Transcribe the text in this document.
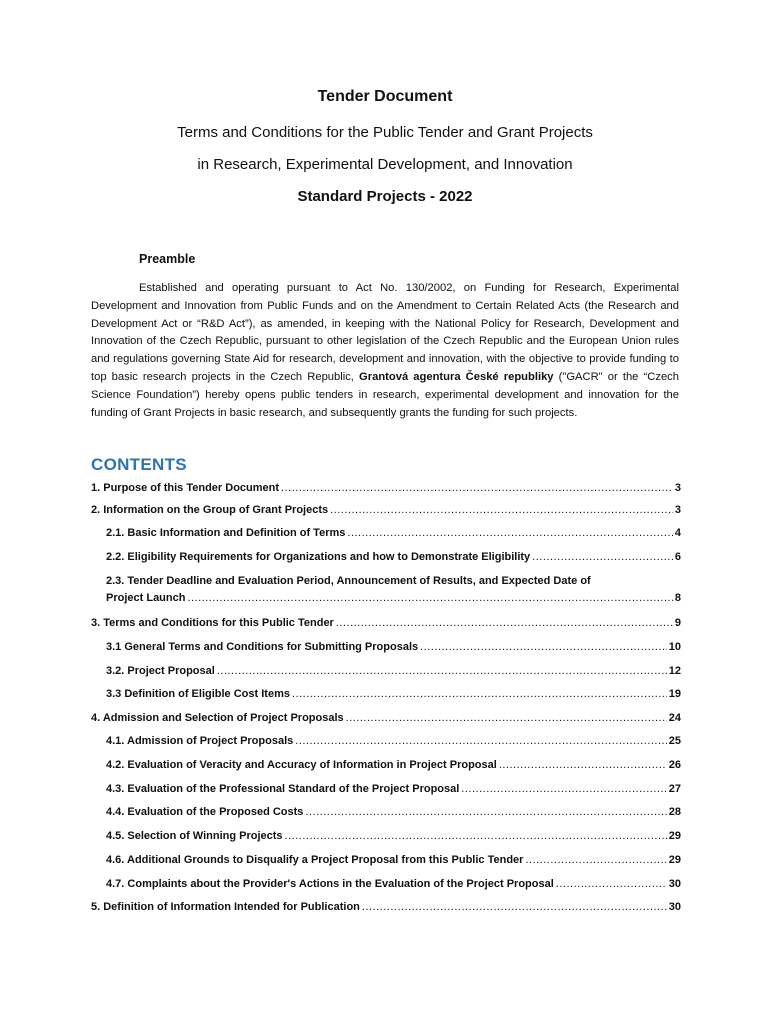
Tender Document
Terms and Conditions for the Public Tender and Grant Projects
in Research, Experimental Development, and Innovation
Standard Projects - 2022
Preamble
Established and operating pursuant to Act No. 130/2002, on Funding for Research, Experimental Development and Innovation from Public Funds and on the Amendment to Certain Related Acts (the Research and Development Act or “R&D Act”), as amended, in keeping with the National Policy for Research, Development and Innovation of the Czech Republic, pursuant to other legislation of the Czech Republic and the European Union rules and regulations governing State Aid for research, development and innovation, with the objective to provide funding to top basic research projects in the Czech Republic, Grantová agentura České republiky ("GACR" or the “Czech Science Foundation”) hereby opens public tenders in research, experimental development and innovation for the funding of Grant Projects in basic research, and subsequently grants the funding for such projects.
CONTENTS
1. Purpose of this Tender Document .....	3
2. Information on the Group of Grant Projects .....	3
2.1. Basic Information and Definition of Terms .....	4
2.2. Eligibility Requirements for Organizations and how to Demonstrate Eligibility .....	6
2.3. Tender Deadline and Evaluation Period, Announcement of Results, and Expected Date of
Project Launch .....	8
3. Terms and Conditions for this Public Tender .....	9
3.1 General Terms and Conditions for Submitting Proposals .....	10
3.2. Project Proposal .....	12
3.3 Definition of Eligible Cost Items .....	19
4. Admission and Selection of Project Proposals .....	24
4.1. Admission of Project Proposals .....	25
4.2. Evaluation of Veracity and Accuracy of Information in Project Proposal .....	26
4.3. Evaluation of the Professional Standard of the Project Proposal .....	27
4.4. Evaluation of the Proposed Costs .....	28
4.5. Selection of Winning Projects .....	29
4.6. Additional Grounds to Disqualify a Project Proposal from this Public Tender .....	29
4.7. Complaints about the Provider's Actions in the Evaluation of the Project Proposal .....	30
5. Definition of Information Intended for Publication .....	30
